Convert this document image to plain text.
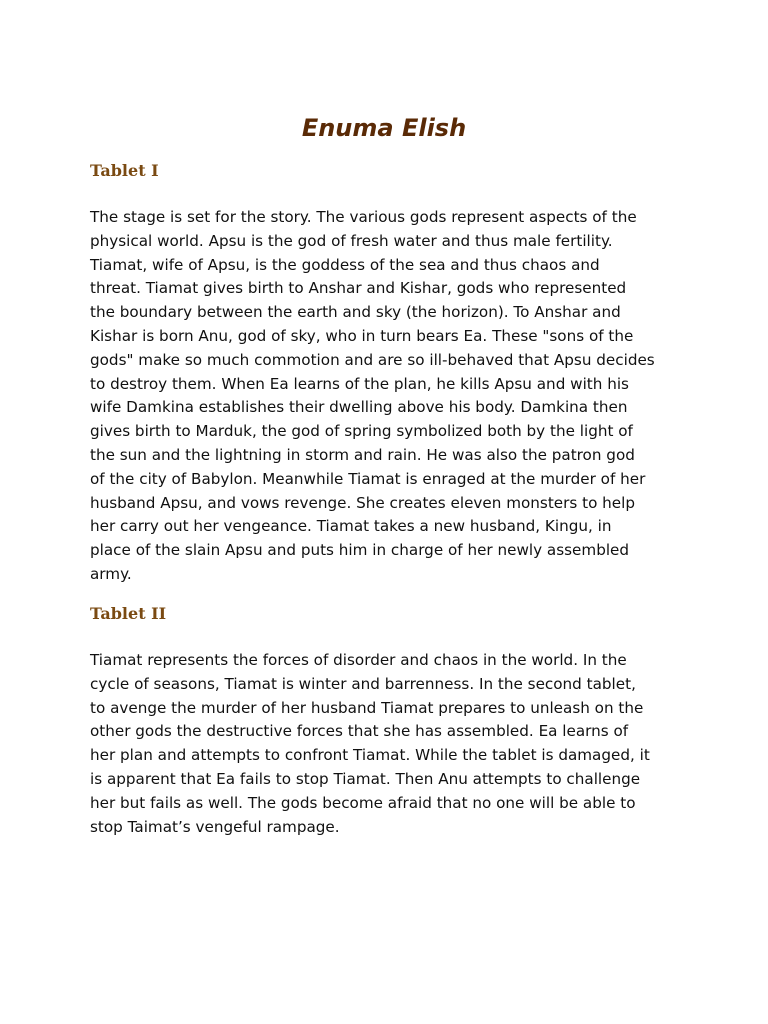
Enuma Elish
Tablet I

The stage is set for the story. The various gods represent aspects of the
physical world. Apsu is the god of fresh water and thus male fertility.
Tiamat, wife of Apsu, is the goddess of the sea and thus chaos and
threat. Tiamat gives birth to Anshar and Kishar, gods who represented
the boundary between the earth and sky (the horizon). To Anshar and
Kishar is born Anu, god of sky, who in turn bears Ea. These "sons of the
gods" make so much commotion and are so ill-behaved that Apsu decides
to destroy them. When Ea learns of the plan, he kills Apsu and with his
wife Damkina establishes their dwelling above his body. Damkina then
gives birth to Marduk, the god of spring symbolized both by the light of
the sun and the lightning in storm and rain. He was also the patron god
of the city of Babylon. Meanwhile Tiamat is enraged at the murder of her
husband Apsu, and vows revenge. She creates eleven monsters to help
her carry out her vengeance. Tiamat takes a new husband, Kingu, in
place of the slain Apsu and puts him in charge of her newly assembled
army.

Tablet II

Tiamat represents the forces of disorder and chaos in the world. In the
cycle of seasons, Tiamat is winter and barrenness. In the second tablet,
to avenge the murder of her husband Tiamat prepares to unleash on the
other gods the destructive forces that she has assembled. Ea learns of
her plan and attempts to confront Tiamat. While the tablet is damaged, it
is apparent that Ea fails to stop Tiamat. Then Anu attempts to challenge
her but fails as well. The gods become afraid that no one will be able to
stop Taimat’s vengeful rampage.
